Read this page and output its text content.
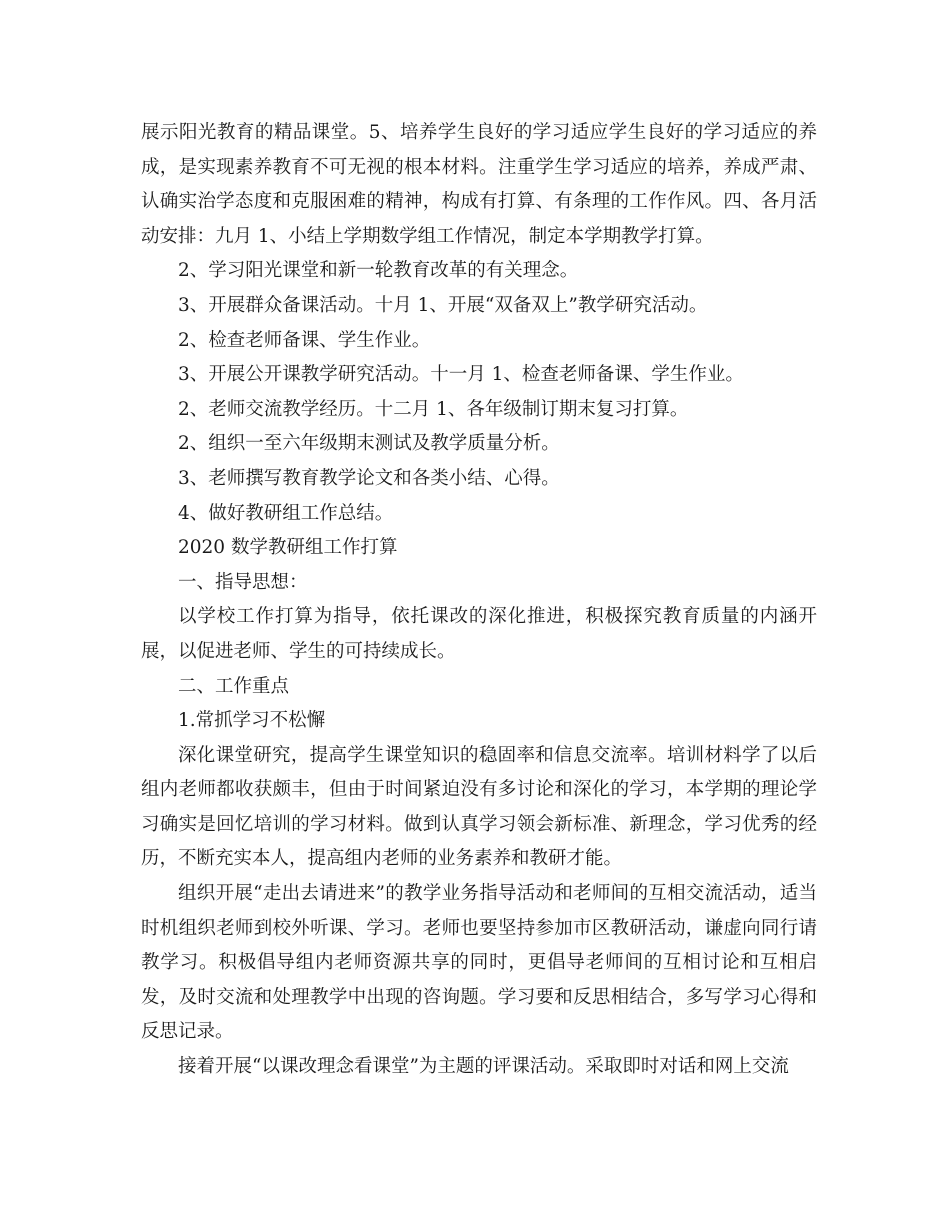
展示阳光教育的精品课堂。5、培养学生良好的学习适应学生良好的学习适应的养成，是实现素养教育不可无视的根本材料。注重学生学习适应的培养，养成严肃、认确实治学态度和克服困难的精神，构成有打算、有条理的工作作风。四、各月活动安排：九月 1、小结上学期数学组工作情况，制定本学期教学打算。

2、学习阳光课堂和新一轮教育改革的有关理念。

3、开展群众备课活动。十月 1、开展“双备双上”教学研究活动。

2、检查老师备课、学生作业。

3、开展公开课教学研究活动。十一月 1、检查老师备课、学生作业。

2、老师交流教学经历。十二月 1、各年级制订期末复习打算。

2、组织一至六年级期末测试及教学质量分析。

3、老师撰写教育教学论文和各类小结、心得。

4、做好教研组工作总结。

2020 数学教研组工作打算

一、指导思想：

以学校工作打算为指导，依托课改的深化推进，积极探究教育质量的内涵开展，以促进老师、学生的可持续成长。

二、工作重点

1.常抓学习不松懈

深化课堂研究，提高学生课堂知识的稳固率和信息交流率。培训材料学了以后组内老师都收获颇丰，但由于时间紧迫没有多讨论和深化的学习，本学期的理论学习确实是回忆培训的学习材料。做到认真学习领会新标准、新理念，学习优秀的经历，不断充实本人，提高组内老师的业务素养和教研才能。

组织开展“走出去请进来”的教学业务指导活动和老师间的互相交流活动，适当时机组织老师到校外听课、学习。老师也要坚持参加市区教研活动，谦虚向同行请教学习。积极倡导组内老师资源共享的同时，更倡导老师间的互相讨论和互相启发，及时交流和处理教学中出现的咨询题。学习要和反思相结合，多写学习心得和反思记录。

接着开展“以课改理念看课堂”为主题的评课活动。采取即时对话和网上交流
